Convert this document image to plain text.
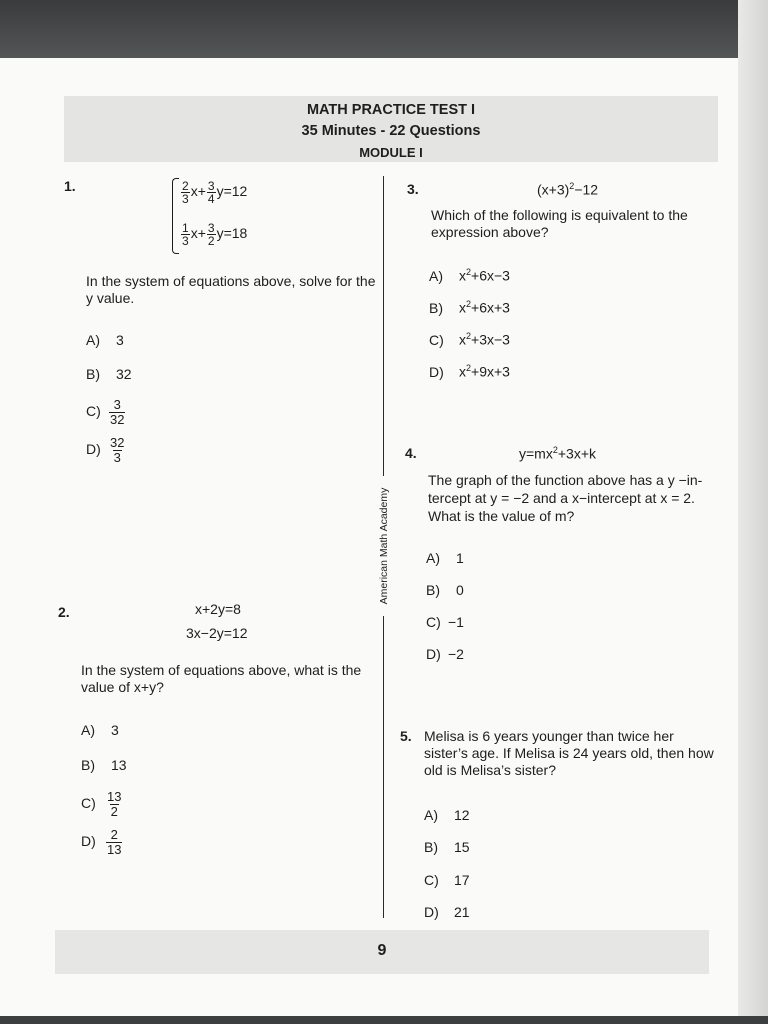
MATH PRACTICE TEST I
35 Minutes - 22 Questions
MODULE I
American Math Academy
1.	$\frac{2}{3} x+ \frac{3}{4} y=12$
$\frac{1}{3} x+ \frac{3}{2} y=18$
In the system of equations above, solve for the y value.
A) 3
B) 32
$C) \frac{3}{32}$
$D) \frac{32}{3}$
2.	x+2y=8
3x−2y=12
In the system of equations above, what is the value of x+y?
A) 3
B) 13
$C) \frac{13}{2}$
$D) \frac{2}{13}$
3.	$(x+3)^2-12$
Which of the following is equivalent to the expression above?
A) $x^2+6x-3$
B) $x^2+6x+3$
C) $x^2+3x-3$
D) $x^2+9x+3$
4.	$y=mx^2+3x+k$
The graph of the function above has a y −in-
tercept at y = −2 and a x−intercept at x = 2.
What is the value of m?
A) 1
B) 0
C) −1
D) −2
5. Melisa is 6 years younger than twice her sister’s age. If Melisa is 24 years old, then how old is Melisa’s sister?
A) 12
B) 15
C) 17
D) 21
9
